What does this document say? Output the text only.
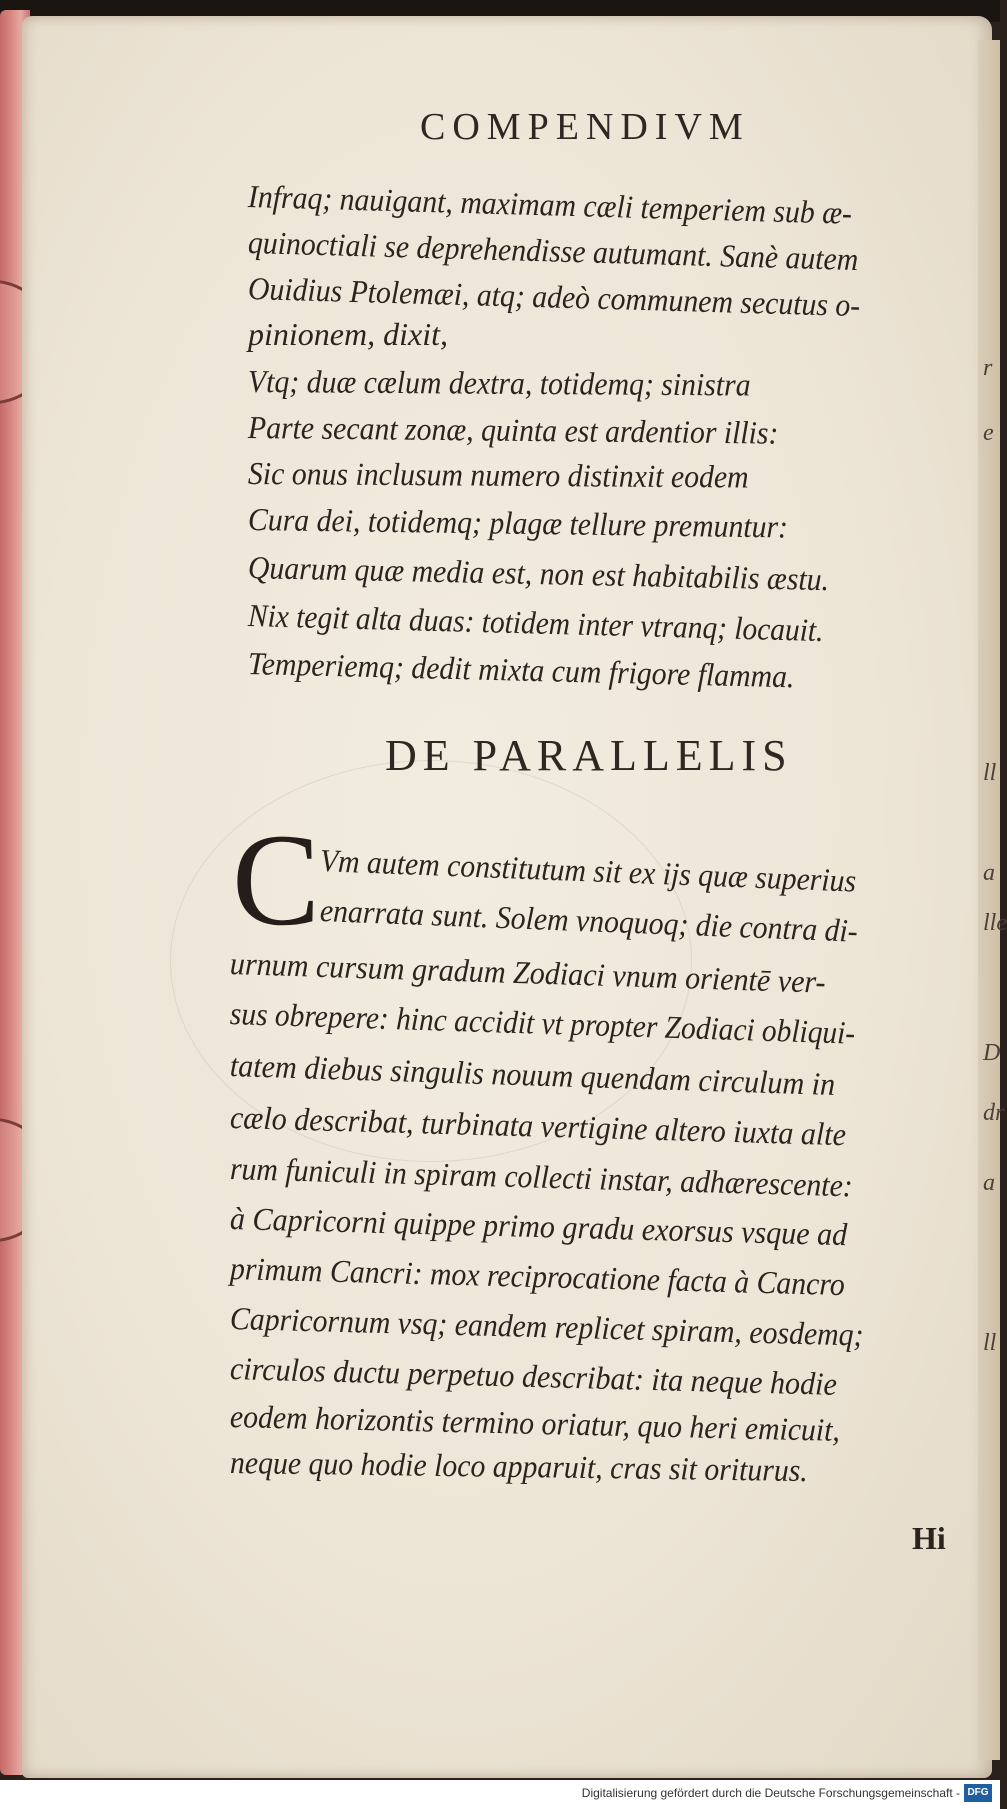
r
e
ll
a
lle
D
dr
a
ll
COMPENDIVM
Infraq; nauigant, maximam cæli temperiem sub æ-
quinoctiali se deprehendisse autumant. Sanè autem
Ouidius Ptolemæi, atq; adeò communem secutus o-
pinionem, dixit,
Vtq; duæ cælum dextra, totidemq; sinistra
Parte secant zonæ, quinta est ardentior illis:
Sic onus inclusum numero distinxit eodem
Cura dei, totidemq; plagæ tellure premuntur:
Quarum quæ media est, non est habitabilis æstu.
Nix tegit alta duas: totidem inter vtranq; locauit.
Temperiemq; dedit mixta cum frigore flamma.
DE PARALLELIS
C Vm autem constitutum sit ex ijs quæ superius
enarrata sunt. Solem vnoquoq; die contra di-
urnum cursum gradum Zodiaci vnum orientē ver-
sus obrepere: hinc accidit vt propter Zodiaci obliqui-
tatem diebus singulis nouum quendam circulum in
cælo describat, turbinata vertigine altero iuxta alte
rum funiculi in spiram collecti instar, adhærescente:
à Capricorni quippe primo gradu exorsus vsque ad
primum Cancri: mox reciprocatione facta à Cancro
Capricornum vsq; eandem replicet spiram, eosdemq;
circulos ductu perpetuo describat: ita neque hodie
eodem horizontis termino oriatur, quo heri emicuit,
neque quo hodie loco apparuit, cras sit oriturus.
Hi
Digitalisierung gefördert durch die Deutsche Forschungsgemeinschaft - DFG
